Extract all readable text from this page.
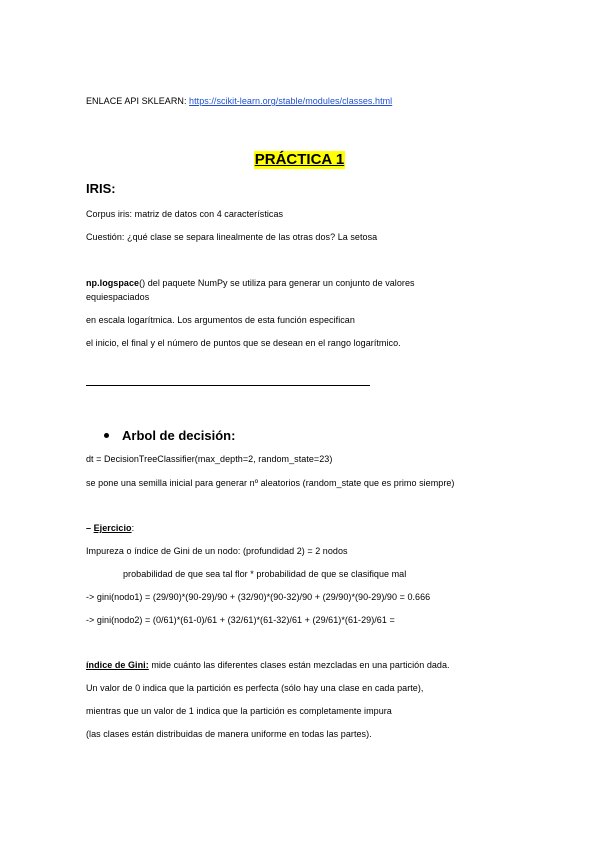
ENLACE API SKLEARN: https://scikit-learn.org/stable/modules/classes.html
PRÁCTICA 1
IRIS:
Corpus iris: matriz de datos con 4 características
Cuestión: ¿qué clase se separa linealmente de las otras dos? La setosa
np.logspace() del paquete NumPy se utiliza para generar un conjunto de valores
equiespaciados
en escala logarítmica. Los argumentos de esta función especifican
el inicio, el final y el número de puntos que se desean en el rango logarítmico.
Arbol de decisión:
dt = DecisionTreeClassifier(max_depth=2, random_state=23)
se pone una semilla inicial para generar nº aleatorios (random_state que es primo siempre)
– Ejercicio:
Impureza o índice de Gini de un nodo: (profundidad 2) = 2 nodos
probabilidad de que sea tal flor * probabilidad de que se clasifique mal
-> gini(nodo1) = (29/90)*(90-29)/90 + (32/90)*(90-32)/90 + (29/90)*(90-29)/90 = 0.666
-> gini(nodo2) = (0/61)*(61-0)/61 + (32/61)*(61-32)/61 + (29/61)*(61-29)/61 =
índice de Gini: mide cuánto las diferentes clases están mezcladas en una partición dada.
Un valor de 0 indica que la partición es perfecta (sólo hay una clase en cada parte),
mientras que un valor de 1 indica que la partición es completamente impura
(las clases están distribuidas de manera uniforme en todas las partes).
